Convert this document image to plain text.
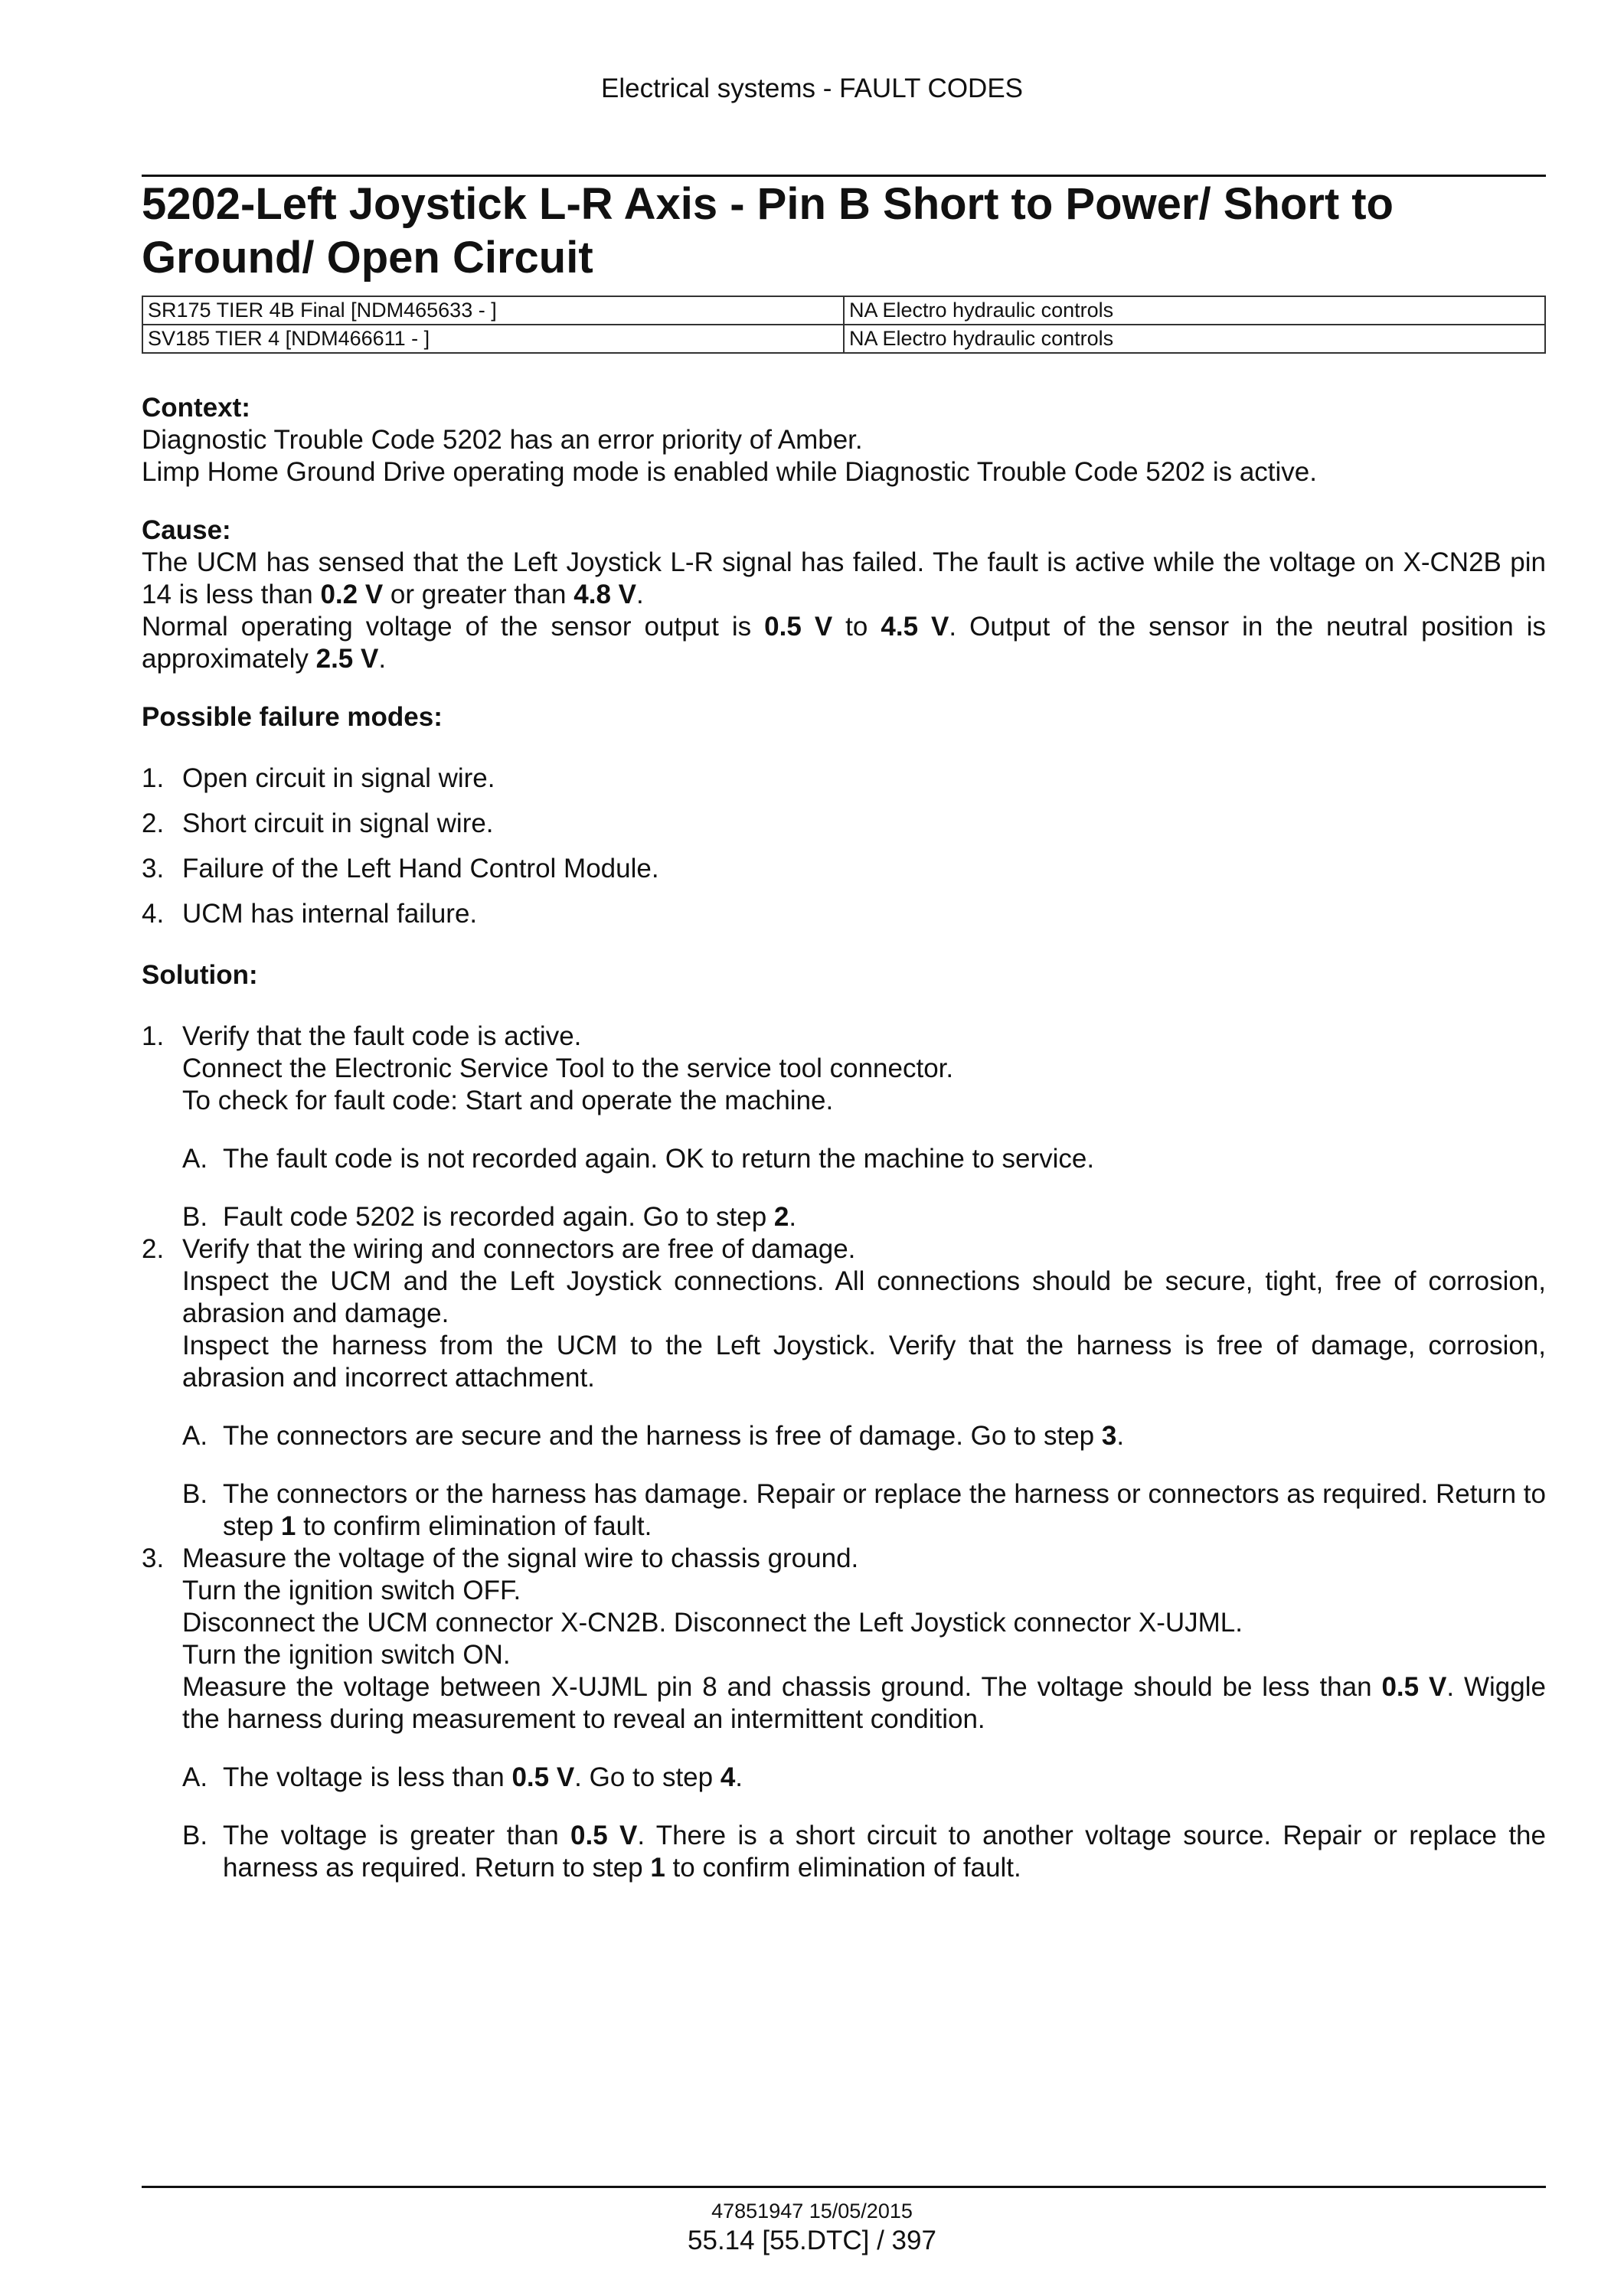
Electrical systems - FAULT CODES
5202-Left Joystick L-R Axis - Pin B Short to Power/ Short to Ground/ Open Circuit
SR175 TIER 4B Final [NDM465633 - ]	NA Electro hydraulic controls
SV185 TIER 4 [NDM466611 - ]	NA Electro hydraulic controls

Context:

Diagnostic Trouble Code 5202 has an error priority of Amber.

Limp Home Ground Drive operating mode is enabled while Diagnostic Trouble Code 5202 is active.

Cause:

The UCM has sensed that the Left Joystick L-R signal has failed. The fault is active while the voltage on X-CN2B pin 14 is less than 0.2 V or greater than 4.8 V.

Normal operating voltage of the sensor output is 0.5 V to 4.5 V. Output of the sensor in the neutral position is approximately 2.5 V.

Possible failure modes:

1. Open circuit in signal wire.
2. Short circuit in signal wire.
3. Failure of the Left Hand Control Module.
4. UCM has internal failure.

Solution:

1. Verify that the fault code is active.

Connect the Electronic Service Tool to the service tool connector.

To check for fault code: Start and operate the machine.

A. The fault code is not recorded again. OK to return the machine to service.
B. Fault code 5202 is recorded again. Go to step 2.
2. Verify that the wiring and connectors are free of damage.

Inspect the UCM and the Left Joystick connections. All connections should be secure, tight, free of corrosion, abrasion and damage.

Inspect the harness from the UCM to the Left Joystick. Verify that the harness is free of damage, corrosion, abrasion and incorrect attachment.

A. The connectors are secure and the harness is free of damage. Go to step 3.
B. The connectors or the harness has damage. Repair or replace the harness or connectors as required. Return to step 1 to confirm elimination of fault.
3. Measure the voltage of the signal wire to chassis ground.

Turn the ignition switch OFF.

Disconnect the UCM connector X-CN2B. Disconnect the Left Joystick connector X-UJML.

Turn the ignition switch ON.

Measure the voltage between X-UJML pin 8 and chassis ground. The voltage should be less than 0.5 V. Wiggle the harness during measurement to reveal an intermittent condition.

A. The voltage is less than 0.5 V. Go to step 4.
B. The voltage is greater than 0.5 V. There is a short circuit to another voltage source. Repair or replace the harness as required. Return to step 1 to confirm elimination of fault.
47851947 15/05/2015
55.14 [55.DTC] / 397
